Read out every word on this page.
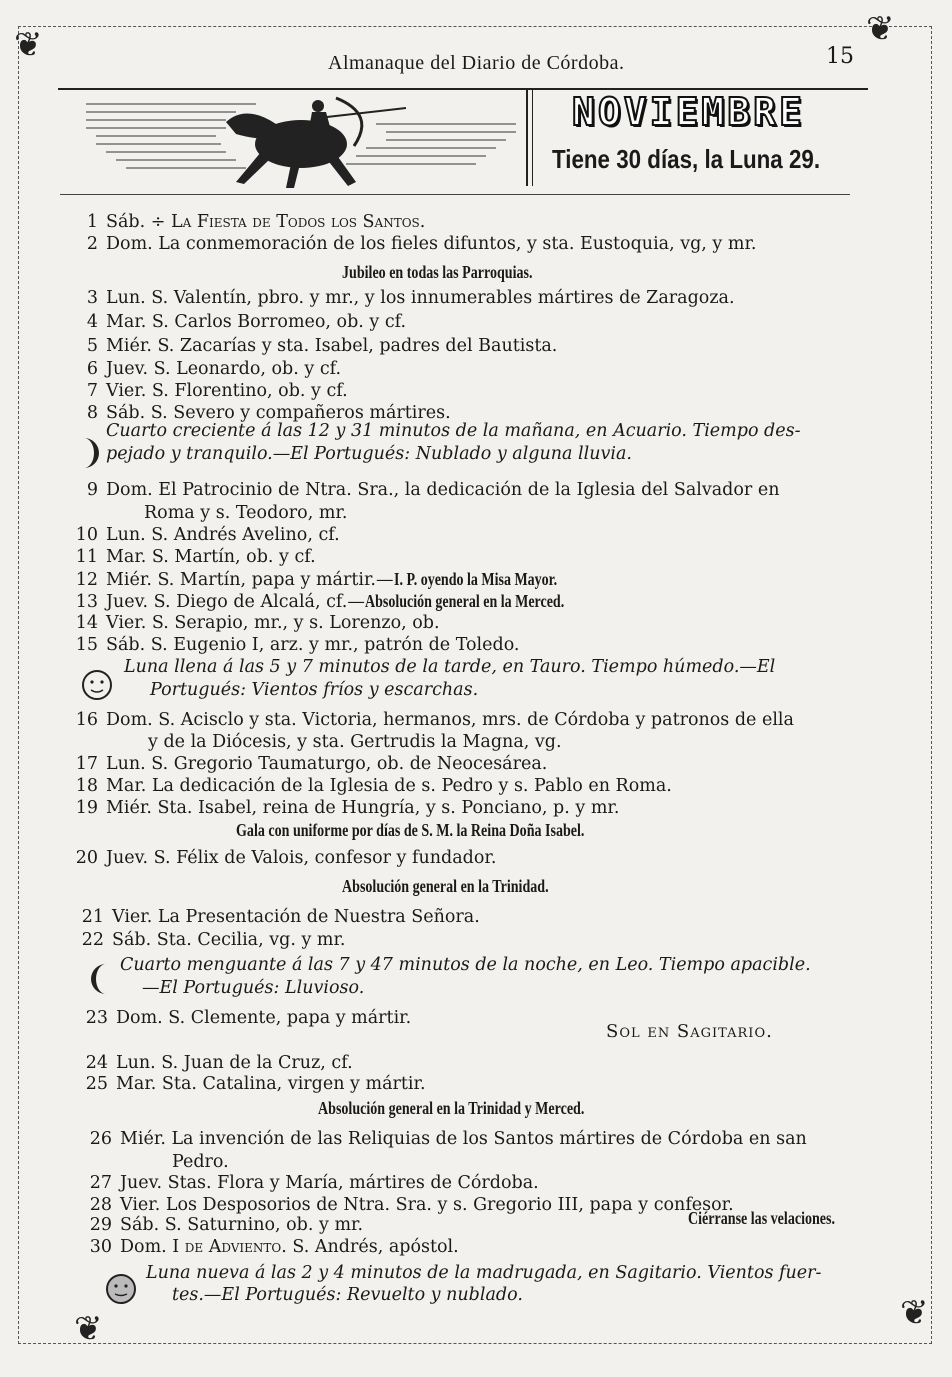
❦	❦
❦	❦
Almanaque del Diario de Córdoba.	15
NOVIEMBRE
Tiene 30 días, la Luna 29.
1 Sáb. ÷ La Fiesta de Todos los Santos.
2 Dom. La conmemoración de los fieles difuntos, y sta. Eustoquia, vg, y mr.
Jubileo en todas las Parroquias.
3 Lun. S. Valentín, pbro. y mr., y los innumerables mártires de Zaragoza.
4 Mar. S. Carlos Borromeo, ob. y cf.
5 Miér. S. Zacarías y sta. Isabel, padres del Bautista.
6 Juev. S. Leonardo, ob. y cf.
7 Vier. S. Florentino, ob. y cf.
8 Sáb. S. Severo y compañeros mártires.
Cuarto creciente á las 12 y 31 minutos de la mañana, en Acuario. Tiempo des-
pejado y tranquilo.—El Portugués: Nublado y alguna lluvia.
9 Dom. El Patrocinio de Ntra. Sra., la dedicación de la Iglesia del Salvador en
Roma y s. Teodoro, mr.
10 Lun. S. Andrés Avelino, cf.
11 Mar. S. Martín, ob. y cf.
12 Miér. S. Martín, papa y mártir.—I. P. oyendo la Misa Mayor.
13 Juev. S. Diego de Alcalá, cf.—Absolución general en la Merced.
14 Vier. S. Serapio, mr., y s. Lorenzo, ob.
15 Sáb. S. Eugenio I, arz. y mr., patrón de Toledo.
Luna llena á las 5 y 7 minutos de la tarde, en Tauro. Tiempo húmedo.—El
Portugués: Vientos fríos y escarchas.
16 Dom. S. Acisclo y sta. Victoria, hermanos, mrs. de Córdoba y patronos de ella
y de la Diócesis, y sta. Gertrudis la Magna, vg.
17 Lun. S. Gregorio Taumaturgo, ob. de Neocesárea.
18 Mar. La dedicación de la Iglesia de s. Pedro y s. Pablo en Roma.
19 Miér. Sta. Isabel, reina de Hungría, y s. Ponciano, p. y mr.
Gala con uniforme por días de S. M. la Reina Doña Isabel.
20 Juev. S. Félix de Valois, confesor y fundador.
Absolución general en la Trinidad.
21 Vier. La Presentación de Nuestra Señora.
22 Sáb. Sta. Cecilia, vg. y mr.
Cuarto menguante á las 7 y 47 minutos de la noche, en Leo. Tiempo apacible.
—El Portugués: Lluvioso.
23 Dom. S. Clemente, papa y mártir.
Sol en Sagitario.
24 Lun. S. Juan de la Cruz, cf.
25 Mar. Sta. Catalina, virgen y mártir.
Absolución general en la Trinidad y Merced.
26 Miér. La invención de las Reliquias de los Santos mártires de Córdoba en san
Pedro.
27 Juev. Stas. Flora y María, mártires de Córdoba.
28 Vier. Los Desposorios de Ntra. Sra. y s. Gregorio III, papa y confesor.
29 Sáb. S. Saturnino, ob. y mr.	Ciérranse las velaciones.
30 Dom. I de Adviento. S. Andrés, apóstol.
Luna nueva á las 2 y 4 minutos de la madrugada, en Sagitario. Vientos fuer-
tes.—El Portugués: Revuelto y nublado.
